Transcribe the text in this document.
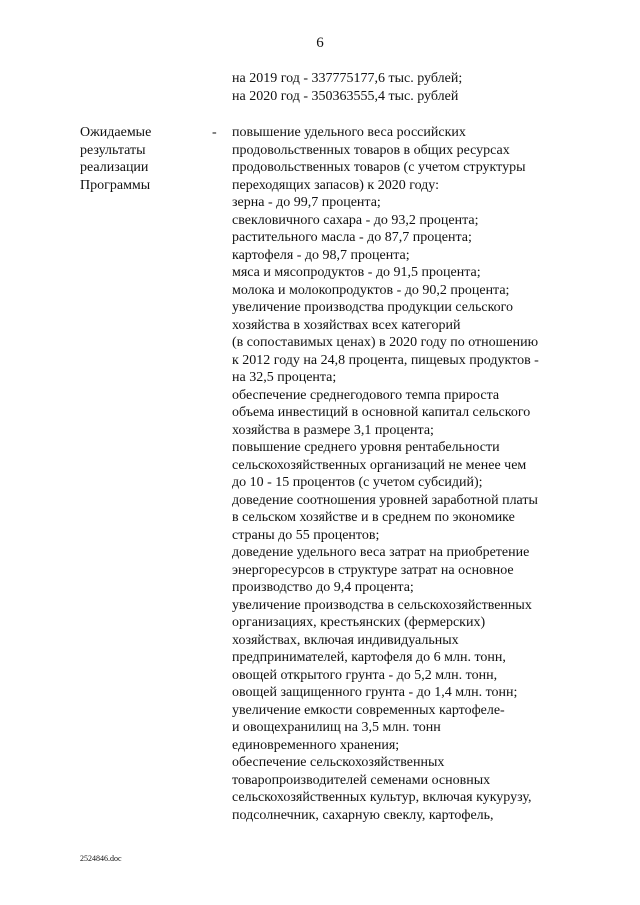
6
на 2019 год - 337775177,6 тыс. рублей;
на 2020 год - 350363555,4 тыс. рублей
Ожидаемые
результаты
реализации
Программы
- повышение удельного веса российских
продовольственных товаров в общих ресурсах
продовольственных товаров (с учетом структуры
переходящих запасов) к 2020 году:
зерна - до 99,7 процента;
свекловичного сахара - до 93,2 процента;
растительного масла - до 87,7 процента;
картофеля - до 98,7 процента;
мяса и мясопродуктов - до 91,5 процента;
молока и молокопродуктов - до 90,2 процента;
увеличение производства продукции сельского
хозяйства в хозяйствах всех категорий
(в сопоставимых ценах) в 2020 году по отношению
к 2012 году на 24,8 процента, пищевых продуктов -
на 32,5 процента;
обеспечение среднегодового темпа прироста
объема инвестиций в основной капитал сельского
хозяйства в размере 3,1 процента;
повышение среднего уровня рентабельности
сельскохозяйственных организаций не менее чем
до 10 - 15 процентов (с учетом субсидий);
доведение соотношения уровней заработной платы
в сельском хозяйстве и в среднем по экономике
страны до 55 процентов;
доведение удельного веса затрат на приобретение
энергоресурсов в структуре затрат на основное
производство до 9,4 процента;
увеличение производства в сельскохозяйственных
организациях, крестьянских (фермерских)
хозяйствах, включая индивидуальных
предпринимателей, картофеля до 6 млн. тонн,
овощей открытого грунта - до 5,2 млн. тонн,
овощей защищенного грунта - до 1,4 млн. тонн;
увеличение емкости современных картофеле-
и овощехранилищ на 3,5 млн. тонн
единовременного хранения;
обеспечение сельскохозяйственных
товаропроизводителей семенами основных
сельскохозяйственных культур, включая кукурузу,
подсолнечник, сахарную свеклу, картофель,
2524846.doc
